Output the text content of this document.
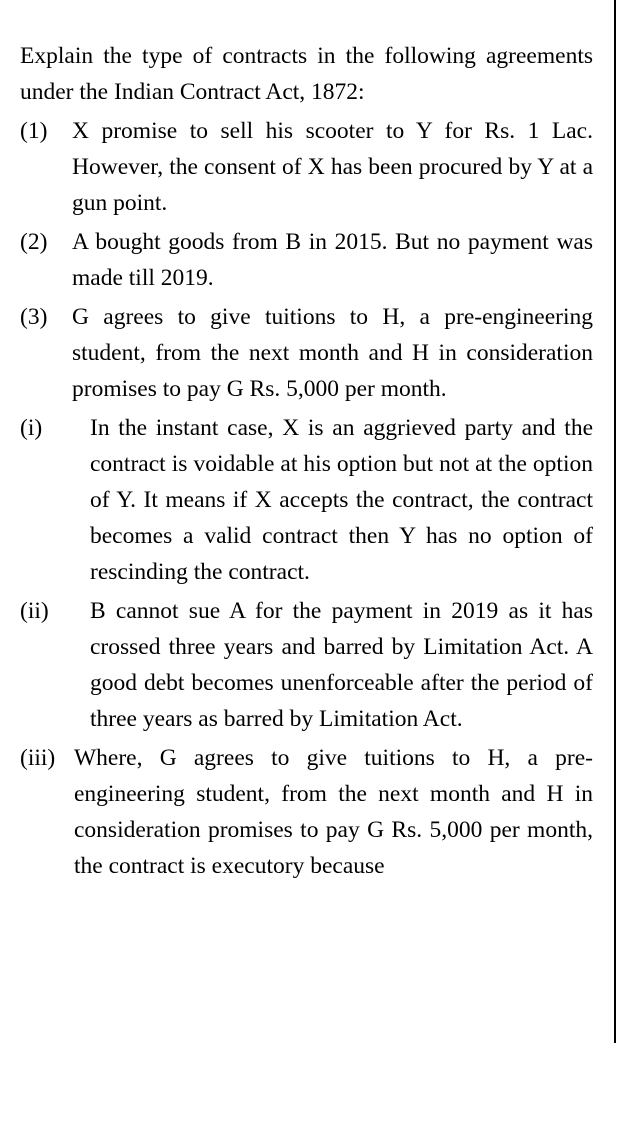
Explain the type of contracts in the following agreements under the Indian Contract Act, 1872:

(1)	X promise to sell his scooter to Y for Rs. 1 Lac. However, the consent of X has been procured by Y at a gun point.
(2)	A bought goods from B in 2015. But no payment was made till 2019.
(3)	G agrees to give tuitions to H, a pre-engineering student, from the next month and H in consideration promises to pay G Rs. 5,000 per month.
(i)	In the instant case, X is an aggrieved party and the contract is voidable at his option but not at the option of Y. It means if X accepts the contract, the contract becomes a valid contract then Y has no option of rescinding the contract.
(ii)	B cannot sue A for the payment in 2019 as it has crossed three years and barred by Limitation Act. A good debt becomes unenforceable after the period of three years as barred by Limitation Act.
(iii) Where, G agrees to give tuitions to H, a pre-engineering student, from the next month and H in consideration promises to pay G Rs. 5,000 per month, the contract is executory because
